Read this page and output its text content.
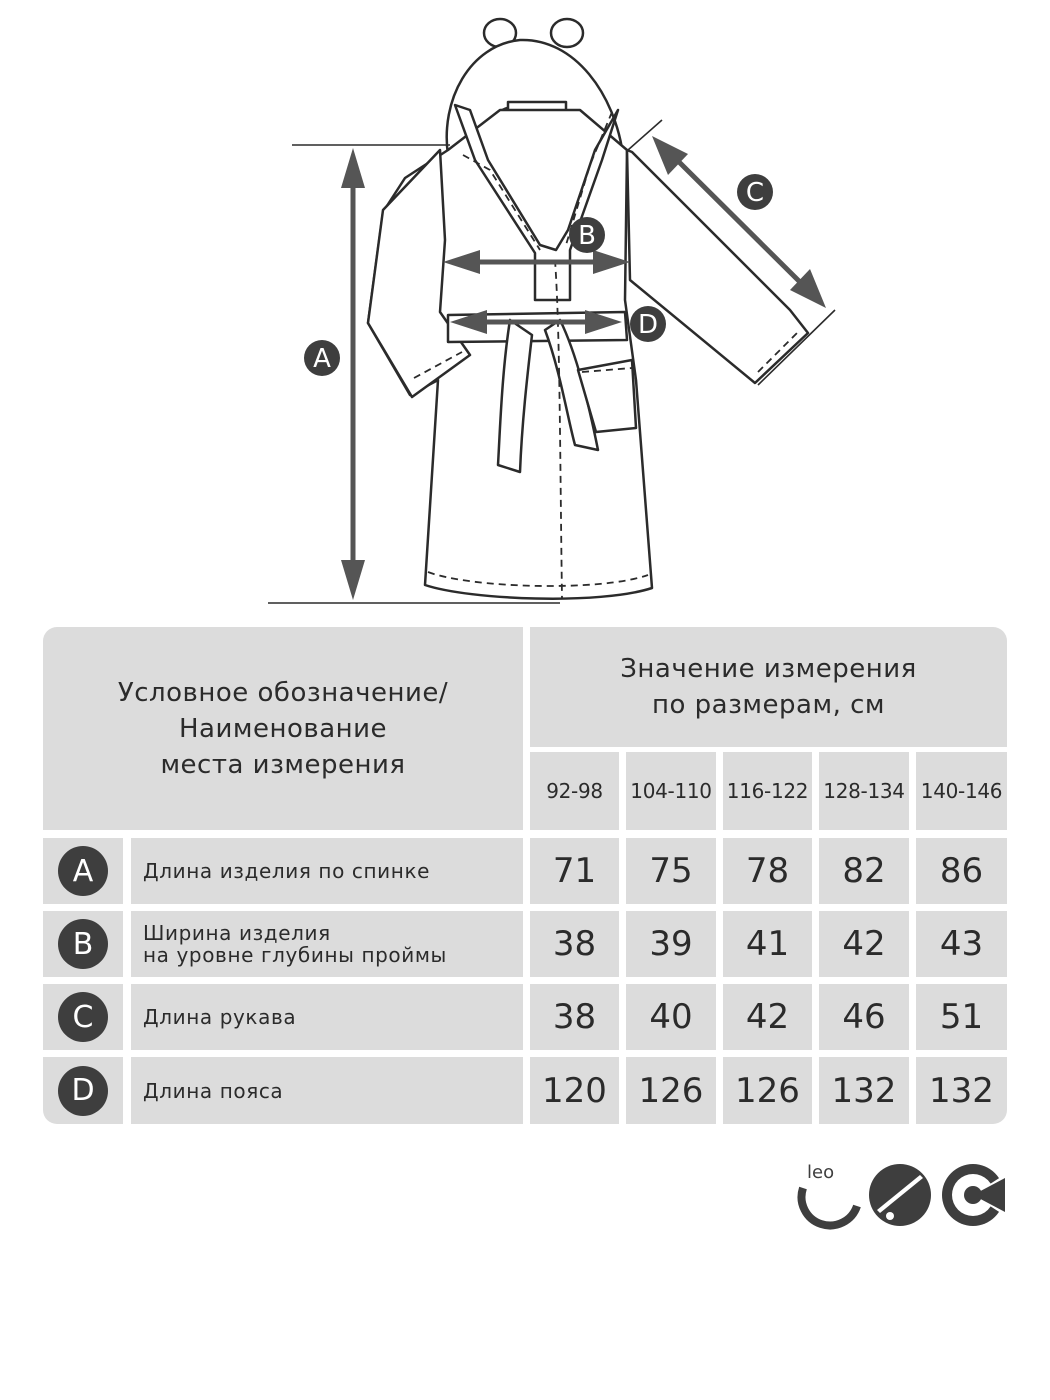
A
B
C
D
Условное обозначение/
Наименование
места измерения
Значение измерения
по размерам, см
92-98	104-110 116-122 128-134 140-146
A	Длина изделия по спинке	71	75	78	82	86
B	Ширина изделия
на уровне глубины проймы	38	39	41	42	43
C	Длина рукава	38	40	42	46	51
D	Длина пояса	120 126 126 132 132
leo
